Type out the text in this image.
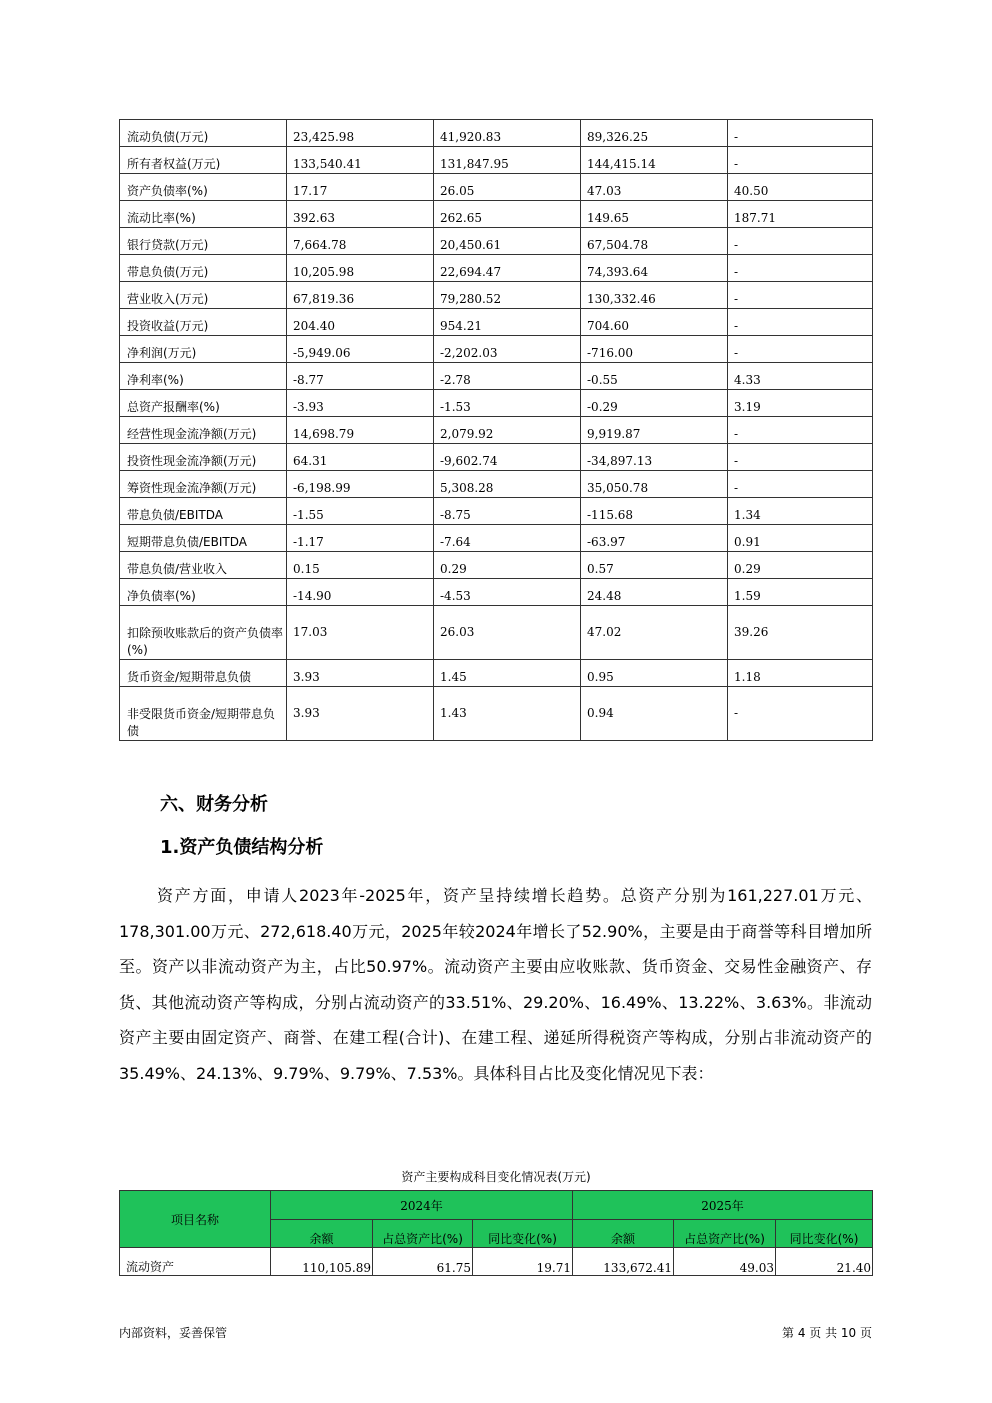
流动负债(万元)	23,425.98	41,920.83	89,326.25	-
所有者权益(万元)	133,540.41	131,847.95	144,415.14	-
资产负债率(%)	17.17	26.05	47.03	40.50
流动比率(%)	392.63	262.65	149.65	187.71
银行贷款(万元)	7,664.78	20,450.61	67,504.78	-
带息负债(万元)	10,205.98	22,694.47	74,393.64	-
营业收入(万元)	67,819.36	79,280.52	130,332.46	-
投资收益(万元)	204.40	954.21	704.60	-
净利润(万元)	-5,949.06	-2,202.03	-716.00	-
净利率(%)	-8.77	-2.78	-0.55	4.33
总资产报酬率(%)	-3.93	-1.53	-0.29	3.19
经营性现金流净额(万元)	14,698.79	2,079.92	9,919.87	-
投资性现金流净额(万元)	64.31	-9,602.74	-34,897.13	-
筹资性现金流净额(万元)	-6,198.99	5,308.28	35,050.78	-
带息负债/EBITDA	-1.55	-8.75	-115.68	1.34
短期带息负债/EBITDA	-1.17	-7.64	-63.97	0.91
带息负债/营业收入	0.15	0.29	0.57	0.29
净负债率(%)	-14.90	-4.53	24.48	1.59
扣除预收账款后的资产负债率(%)	17.03	26.03	47.02	39.26
货币资金/短期带息负债	3.93	1.45	0.95	1.18
非受限货币资金/短期带息负债	3.93	1.43	0.94	-
六、财务分析
1.资产负债结构分析

资产方面，申请人2023年-2025年，资产呈持续增长趋势。总资产分别为161,227.01万元、178,301.00万元、272,618.40万元，2025年较2024年增长了52.90%，主要是由于商誉等科目增加所至。资产以非流动资产为主，占比50.97%。流动资产主要由应收账款、货币资金、交易性金融资产、存货、其他流动资产等构成，分别占流动资产的33.51%、29.20%、16.49%、13.22%、3.63%。非流动资产主要由固定资产、商誉、在建工程(合计)、在建工程、递延所得税资产等构成，分别占非流动资产的35.49%、24.13%、9.79%、9.79%、7.53%。具体科目占比及变化情况见下表：

资产主要构成科目变化情况表(万元)
项目名称	2024年			2025年		
	余额	占总资产比(%)	同比变化(%)	余额	占总资产比(%)	同比变化(%)
流动资产	110,105.89	61.75	19.71	133,672.41	49.03	21.40
内部资料，妥善保管	第 4 页 共 10 页
